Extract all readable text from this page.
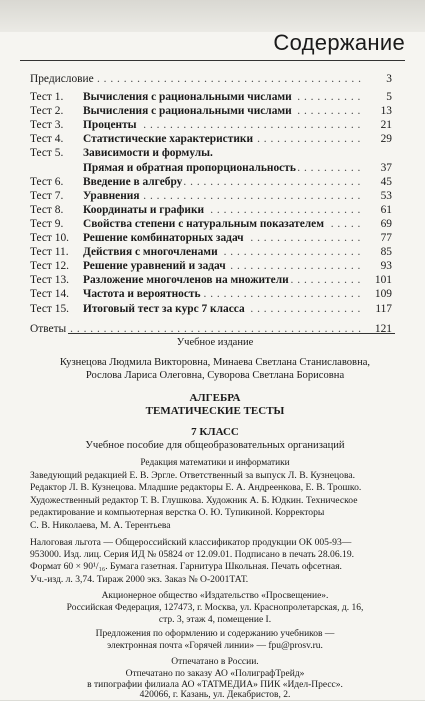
Содержание
Предисловие . . .	3
Тест 1. Вычисления с рациональными числами . . .	5
Тест 2. Вычисления с рациональными числами . . .	13
Тест 3. Проценты . . .	21
Тест 4. Статистические характеристики . . .	29
Тест 5. Зависимости и формулы.
Прямая и обратная пропорциональность . . .	37
Тест 6. Введение в алгебру . . .	45
Тест 7. Уравнения . . .	53
Тест 8. Координаты и графики . . .	61
Тест 9. Свойства степени с натуральным показателем . . .	69
Тест 10. Решение комбинаторных задач . . .	77
Тест 11. Действия с многочленами . . .	85
Тест 12. Решение уравнений и задач . . .	93
Тест 13. Разложение многочленов на множители . . .	101
Тест 14. Частота и вероятность . . .	109
Тест 15. Итоговый тест за курс 7 класса . . .	117
Ответы . . .	121
Учебное издание
Кузнецова Людмила Викторовна, Минаева Светлана Станиславовна,
Рослова Лариса Олеговна, Суворова Светлана Борисовна
АЛГЕБРА
ТЕМАТИЧЕСКИЕ ТЕСТЫ
7 КЛАСС
Учебное пособие для общеобразовательных организаций
Редакция математики и информатики
Заведующий редакцией Е. В. Эргле. Ответственный за выпуск Л. В. Кузнецова.
Редактор Л. В. Кузнецова. Младшие редакторы Е. А. Андреенкова, Е. В. Трошко.
Художественный редактор Т. В. Глушкова. Художник А. Б. Юдкин. Техническое
редактирование и компьютерная верстка О. Ю. Тупикиной. Корректоры
С. В. Николаева, М. А. Терентьева
Налоговая льгота — Общероссийский классификатор продукции ОК 005-93—
953000. Изд. лиц. Серия ИД № 05824 от 12.09.01. Подписано в печать 28.06.19.
Формат 60 × 90¹/₁₆. Бумага газетная. Гарнитура Школьная. Печать офсетная.
Уч.-изд. л. 3,74. Тираж 2000 экз. Заказ № О-2001ТАТ.
Акционерное общество «Издательство «Просвещение».
Российская Федерация, 127473, г. Москва, ул. Краснопролетарская, д. 16,
стр. 3, этаж 4, помещение I.
Предложения по оформлению и содержанию учебников —
электронная почта «Горячей линии» — fpu@prosv.ru.
Отпечатано в России.
Отпечатано по заказу АО «ПолиграфТрейд»
в типографии филиала АО «ТАТМЕДИА» ПИК «Идел-Пресс».
420066, г. Казань, ул. Декабристов, 2.
